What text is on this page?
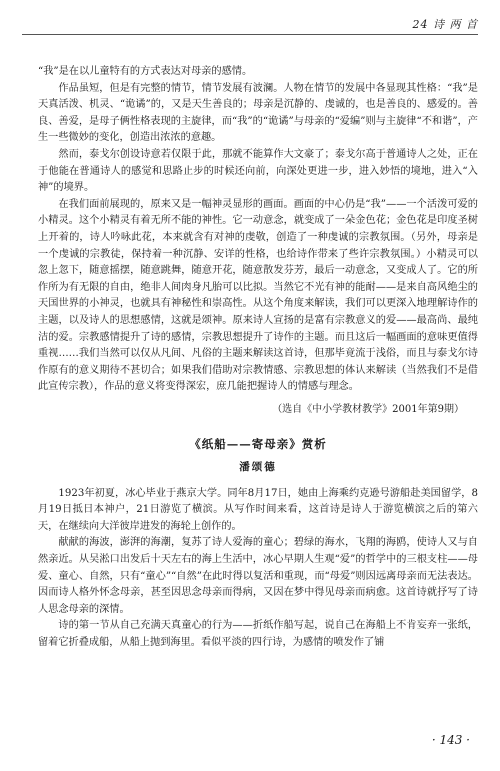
24 诗 两 首

“我”是在以儿童特有的方式表达对母亲的感情。

作品虽短，但是有完整的情节，情节发展有波澜。人物在情节的发展中各显现其性格：“我”是天真活泼、机灵、“诡谲”的，又是天生善良的；母亲是沉静的、虔诚的，也是善良的、感爱的。善良、善爱，是母子俩性格表现的主旋律，而“我”的“诡谲”与母亲的“爱编”则与主旋律“不和谐”，产生一些微妙的变化，创造出浓浓的意趣。

然而，泰戈尔创设诗意若仅限于此，那就不能算作大文豪了；泰戈尔高于普通诗人之处，正在于他能在普通诗人的感觉和思路止步的时候还向前，向深处更进一步，进入妙悟的境地，进入“入神”的境界。

在我们面前展现的，原来又是一幅神灵显形的画面。画面的中心仍是“我”——一个活泼可爱的小精灵。这个小精灵有着无所不能的神性。它一动意念，就变成了一朵金色花；金色花是印度圣树上开着的，诗人吟咏此花，本来就含有对神的虔敬，创造了一种虔诚的宗教氛围。（另外，母亲是一个虔诚的宗教徒，保持着一种沉静、安详的性格，也给诗作带来了些许宗教氛围。）小精灵可以忽上忽下，随意摇摆，随意跳舞，随意开花，随意散发芬芳，最后一动意念，又变成人了。它的所作所为有无限的自由，绝非人间肉身凡胎可以比拟。当然它不光有神的能耐——是来自高风绝尘的天国世界的小神灵，也就具有神秘性和崇高性。从这个角度来解读，我们可以更深入地理解诗作的主题，以及诗人的思想感情，这就是颂神。原来诗人宣扬的是富有宗教意义的爱——最高尚、最纯洁的爱。宗教感情提升了诗的感情，宗教思想提升了诗作的主题。而且这后一幅画面的意味更值得重视……我们当然可以仅从凡间、凡俗的主题来解读这首诗，但那毕竟流于浅俗，而且与泰戈尔诗作原有的意义期待不甚切合；如果我们借助对宗教情感、宗教思想的体认来解读（当然我们不是借此宣传宗教），作品的意义将变得深宏，庶几能把握诗人的情感与理念。

（选自《中小学教材教学》2001年第9期）
《纸船——寄母亲》赏析
潘颂德

1923年初夏，冰心毕业于燕京大学。同年8月17日，她由上海乘约克逊号游船赴美国留学，8月19日抵日本神户，21日游览了横滨。从写作时间来看，这首诗是诗人于游览横滨之后的第六天，在继续向大洋彼岸进发的海轮上创作的。

献献的海波，澎湃的海潮，复苏了诗人爱海的童心；碧绿的海水，飞翔的海鸥，使诗人又与自然亲近。从吴淞口出发后十天左右的海上生活中，冰心早期人生观“爱”的哲学中的三根支柱——母爱、童心、自然，只有“童心”“自然”在此时得以复活和重现，而“母爱”则因远离母亲而无法表达。因而诗人格外怀念母亲，甚至因思念母亲而得病，又因在梦中得见母亲而病愈。这首诗就抒写了诗人思念母亲的深情。

诗的第一节从自己充满天真童心的行为——折纸作船写起，说自己在海船上不肯妄弃一张纸，留着它折叠成船，从船上抛到海里。看似平淡的四行诗，为感情的喷发作了铺

· 143 ·
